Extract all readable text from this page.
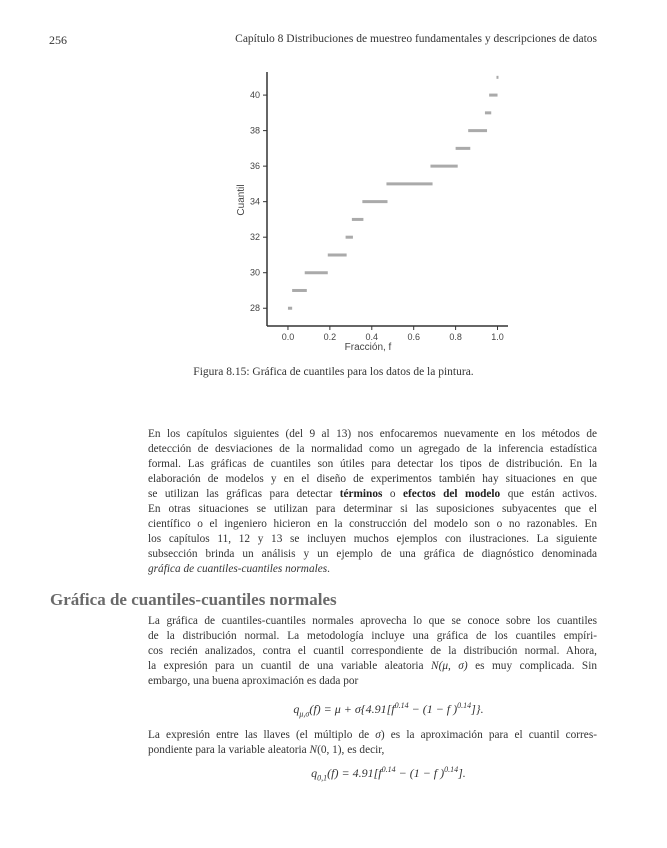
256	Capítulo 8 Distribuciones de muestreo fundamentales y descripciones de datos
0.0	0.2	0.4	0.6	0.8	1.0
28
30
32
34
36
38
40
Fracción, f
Cuantil
Figura 8.15: Gráfica de cuantiles para los datos de la pintura.
En los capítulos siguientes (del 9 al 13) nos enfocaremos nuevamente en los métodos de
detección de desviaciones de la normalidad como un agregado de la inferencia estadística
formal. Las gráficas de cuantiles son útiles para detectar los tipos de distribución. En la
elaboración de modelos y en el diseño de experimentos también hay situaciones en que
se utilizan las gráficas para detectar términos o efectos del modelo que están activos.
En otras situaciones se utilizan para determinar si las suposiciones subyacentes que el
científico o el ingeniero hicieron en la construcción del modelo son o no razonables. En
los capítulos 11, 12 y 13 se incluyen muchos ejemplos con ilustraciones. La siguiente
subsección brinda un análisis y un ejemplo de una gráfica de diagnóstico denominada
gráfica de cuantiles-cuantiles normales.
Gráfica de cuantiles-cuantiles normales
La gráfica de cuantiles-cuantiles normales aprovecha lo que se conoce sobre los cuantiles
de la distribución normal. La metodología incluye una gráfica de los cuantiles empíri-
cos recién analizados, contra el cuantil correspondiente de la distribución normal. Ahora,
la expresión para un cuantil de una variable aleatoria N(μ, σ) es muy complicada. Sin
embargo, una buena aproximación es dada por
$q_{\mu,\sigma}(f) = \mu + \sigma\{4.91[f^{0.14} - (1 - f$ )$^{0.14}$]}.
La expresión entre las llaves (el múltiplo de σ) es la aproximación para el cuantil corres-
pondiente para la variable aleatoria N(0, 1), es decir,
$q_{0,1}(f) = 4.91[f^{0.14} - (1 - f$ )$^{0.14}$].
